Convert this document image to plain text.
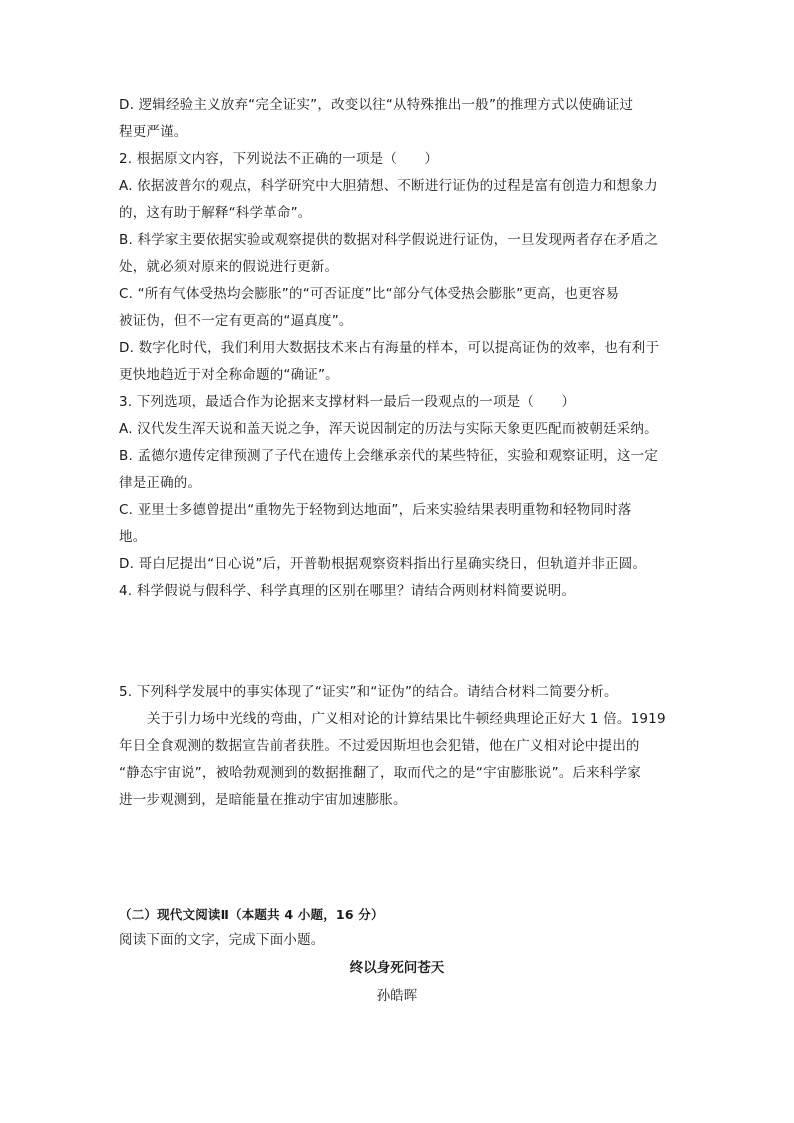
D. 逻辑经验主义放弃“完全证实”，改变以往“从特殊推出一般”的推理方式以使确证过
程更严谨。
2. 根据原文内容，下列说法不正确的一项是（　　）
A. 依据波普尔的观点，科学研究中大胆猜想、不断进行证伪的过程是富有创造力和想象力
的，这有助于解释“科学革命”。
B. 科学家主要依据实验或观察提供的数据对科学假说进行证伪，一旦发现两者存在矛盾之
处，就必须对原来的假说进行更新。
C. “所有气体受热均会膨胀”的“可否证度”比“部分气体受热会膨胀”更高，也更容易
被证伪，但不一定有更高的“逼真度”。
D. 数字化时代，我们利用大数据技术来占有海量的样本，可以提高证伪的效率，也有利于
更快地趋近于对全称命题的“确证”。
3. 下列选项，最适合作为论据来支撑材料一最后一段观点的一项是（　　）
A. 汉代发生浑天说和盖天说之争，浑天说因制定的历法与实际天象更匹配而被朝廷采纳。
B. 孟德尔遗传定律预测了子代在遗传上会继承亲代的某些特征，实验和观察证明，这一定
律是正确的。
C. 亚里士多德曾提出“重物先于轻物到达地面”，后来实验结果表明重物和轻物同时落
地。
D. 哥白尼提出“日心说”后，开普勒根据观察资料指出行星确实绕日，但轨道并非正圆。
4. 科学假说与假科学、科学真理的区别在哪里？请结合两则材料简要说明。
5. 下列科学发展中的事实体现了“证实”和“证伪”的结合。请结合材料二简要分析。
关于引力场中光线的弯曲，广义相对论的计算结果比牛顿经典理论正好大 1 倍。1919
年日全食观测的数据宣告前者获胜。不过爱因斯坦也会犯错，他在广义相对论中提出的
“静态宇宙说”，被哈勃观测到的数据推翻了，取而代之的是“宇宙膨胀说”。后来科学家
进一步观测到，是暗能量在推动宇宙加速膨胀。
（二）现代文阅读Ⅱ（本题共 4 小题，16 分）
阅读下面的文字，完成下面小题。
终以身死问苍天
孙皓晖
